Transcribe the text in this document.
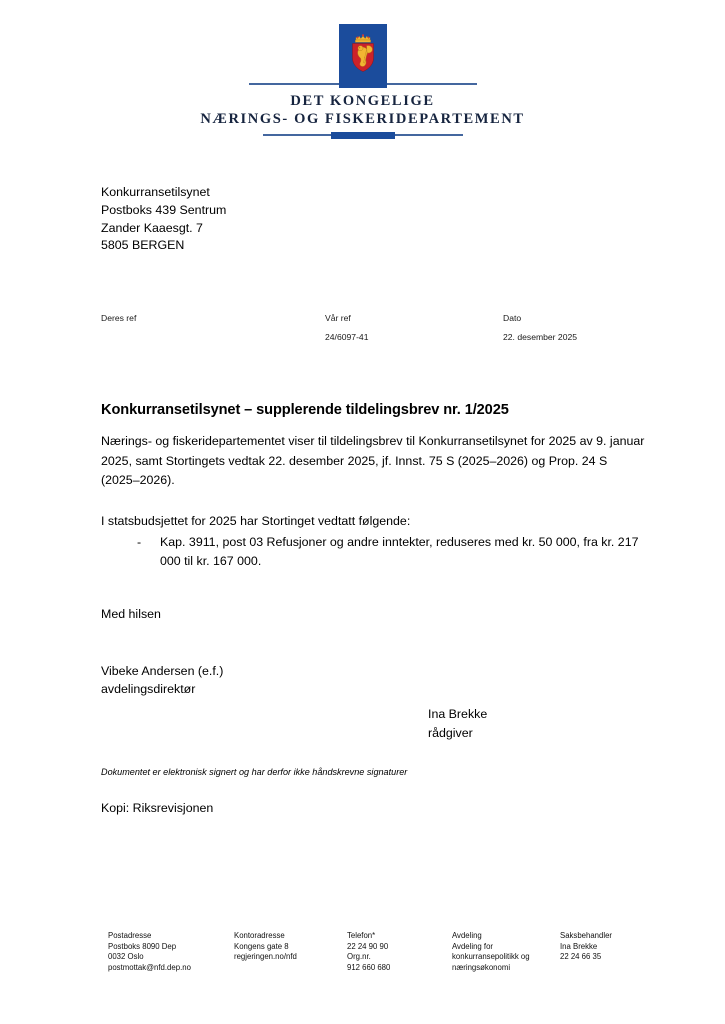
DET KONGELIGE
NÆRINGS- OG FISKERIDEPARTEMENT
Konkurransetilsynet
Postboks 439 Sentrum
Zander Kaaesgt. 7
5805 BERGEN
Deres ref	Vår ref
24/6097-41
Dato
22. desember 2025
Konkurransetilsynet – supplerende tildelingsbrev nr. 1/2025

Nærings- og fiskeridepartementet viser til tildelingsbrev til Konkurransetilsynet for 2025 av 9. januar 2025, samt Stortingets vedtak 22. desember 2025, jf. Innst. 75 S (2025–2026) og Prop. 24 S (2025–2026).

I statsbudsjettet for 2025 har Stortinget vedtatt følgende:

- Kap. 3911, post 03 Refusjoner og andre inntekter, reduseres med kr. 50 000, fra kr. 217 000 til kr. 167 000.
Med hilsen
Vibeke Andersen (e.f.)
avdelingsdirektør
Ina Brekke
rådgiver
Dokumentet er elektronisk signert og har derfor ikke håndskrevne signaturer
Kopi: Riksrevisjonen
Postadresse
Postboks 8090 Dep
0032 Oslo
postmottak@nfd.dep.no
Kontoradresse
Kongens gate 8
regjeringen.no/nfd
Telefon*
22 24 90 90
Org.nr.
912 660 680
Avdeling
Avdeling for
konkurransepolitikk og
næringsøkonomi
Saksbehandler
Ina Brekke
22 24 66 35
